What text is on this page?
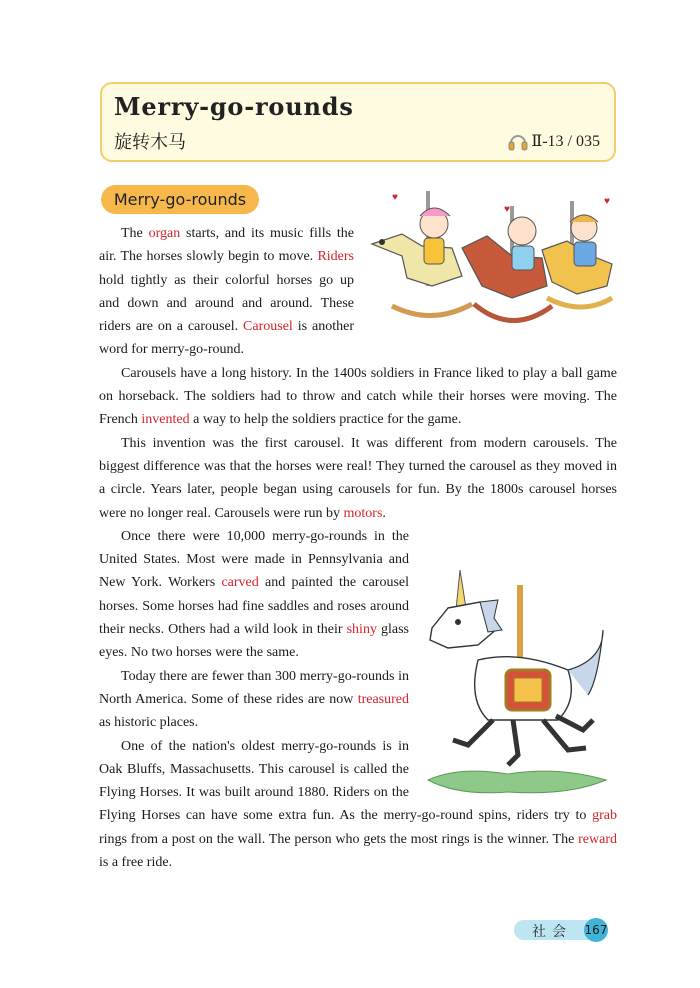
Merry-go-rounds
旋转木马	Ⅱ-13 / 035
Merry-go-rounds	♥
♥
♥

The organ starts, and its music fills the air. The horses slowly begin to move. Riders hold tightly as their colorful horses go up and down and around and around. These riders are on a carousel. Carousel is another word for merry-go-round.

Carousels have a long history. In the 1400s soldiers in France liked to play a ball game on horseback. The soldiers had to throw and catch while their horses were moving. The French invented a way to help the soldiers practice for the game.

This invention was the first carousel. It was different from modern carousels. The biggest difference was that the horses were real! They turned the carousel as they moved in a circle. Years later, people began using carousels for fun. By the 1800s carousel horses were no longer real. Carousels were run by motors.

Once there were 10,000 merry-go-rounds in the United States. Most were made in Pennsylvania and New York. Workers carved and painted the carousel horses. Some horses had fine saddles and roses around their necks. Others had a wild look in their shiny glass eyes. No two horses were the same.

Today there are fewer than 300 merry-go-rounds in North America. Some of these rides are now treasured as historic places.

One of the nation's oldest merry-go-rounds is in Oak Bluffs, Massachusetts. This carousel is called the Flying Horses. It was built around 1880. Riders on the Flying Horses can have some extra fun. As the merry-go-round spins, riders try to grab rings from a post on the wall. The person who gets the most rings is the winner. The reward is a free ride.

社会 167
